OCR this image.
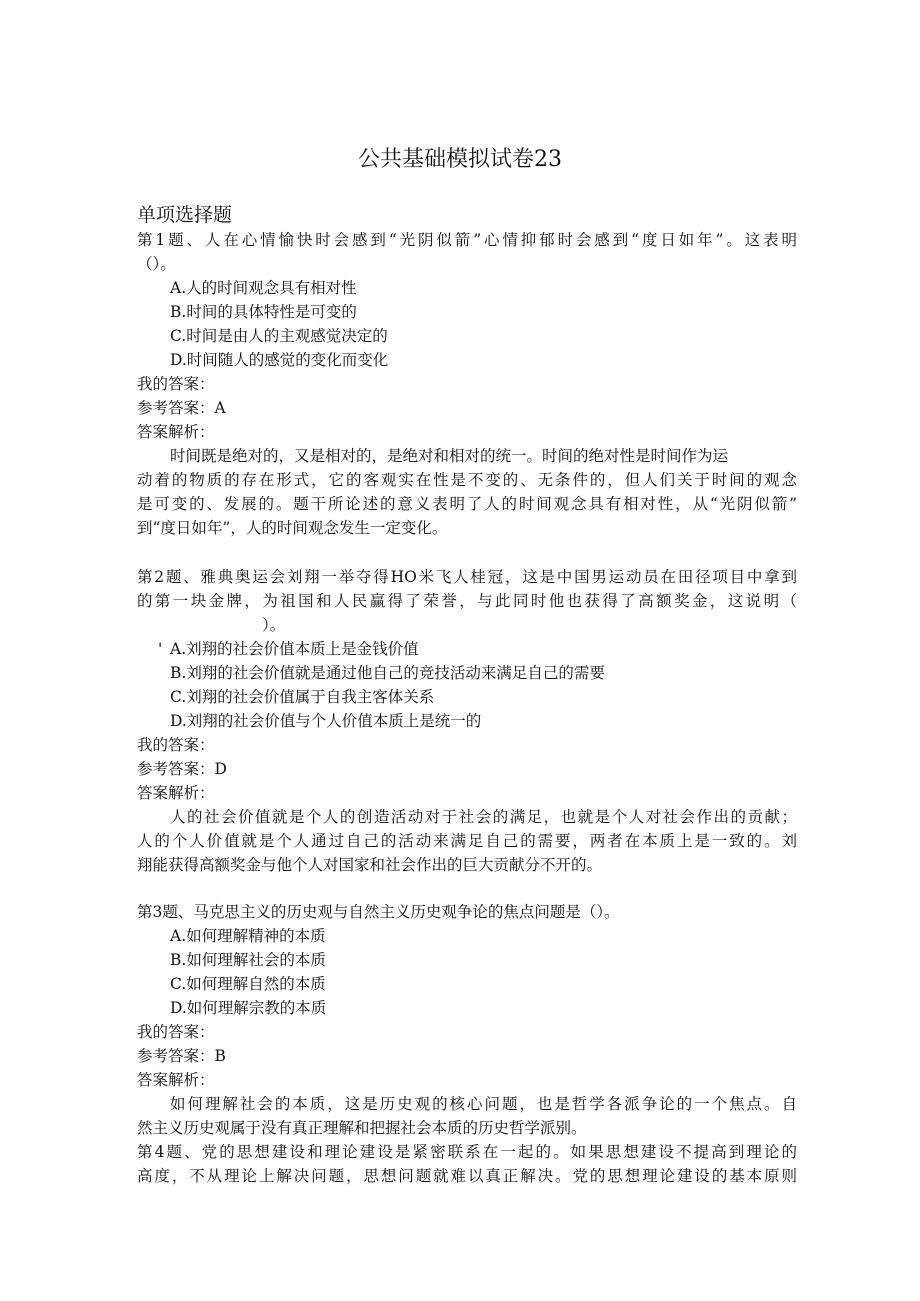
公共基础模拟试卷23
单项选择题
第1题、人在心情愉快时会感到“光阴似箭”心情抑郁时会感到“度日如年”。这表明
（）。
A.人的时间观念具有相对性
B.时间的具体特性是可变的
C.时间是由人的主观感觉决定的
D.时间随人的感觉的变化而变化
我的答案：
参考答案：A
答案解析：
时间既是绝对的，又是相对的，是绝对和相对的统一。时间的绝对性是时间作为运
动着的物质的存在形式，它的客观实在性是不变的、无条件的，但人们关于时间的观念
是可变的、发展的。题干所论述的意义表明了人的时间观念具有相对性，从“光阴似箭”
到“度日如年”，人的时间观念发生一定变化。
第2题、雅典奥运会刘翔一举夺得HO米飞人桂冠，这是中国男运动员在田径项目中拿到
的第一块金牌，为祖国和人民赢得了荣誉，与此同时他也获得了高额奖金，这说明（
）。
' A.刘翔的社会价值本质上是金钱价值
B.刘翔的社会价值就是通过他自己的竞技活动来满足自己的需要
C.刘翔的社会价值属于自我主客体关系
D.刘翔的社会价值与个人价值本质上是统一的
我的答案：
参考答案：D
答案解析：
人的社会价值就是个人的创造活动对于社会的满足，也就是个人对社会作出的贡献；
人的个人价值就是个人通过自己的活动来满足自己的需要，两者在本质上是一致的。刘
翔能获得高额奖金与他个人对国家和社会作出的巨大贡献分不开的。
第3题、马克思主义的历史观与自然主义历史观争论的焦点问题是（）。
A.如何理解精神的本质
B.如何理解社会的本质
C.如何理解自然的本质
D.如何理解宗教的本质
我的答案：
参考答案：B
答案解析：
如何理解社会的本质，这是历史观的核心问题，也是哲学各派争论的一个焦点。自
然主义历史观属于没有真正理解和把握社会本质的历史哲学派别。
第4题、党的思想建设和理论建设是紧密联系在一起的。如果思想建设不提高到理论的
高度，不从理论上解决问题，思想问题就难以真正解决。党的思想理论建设的基本原则
